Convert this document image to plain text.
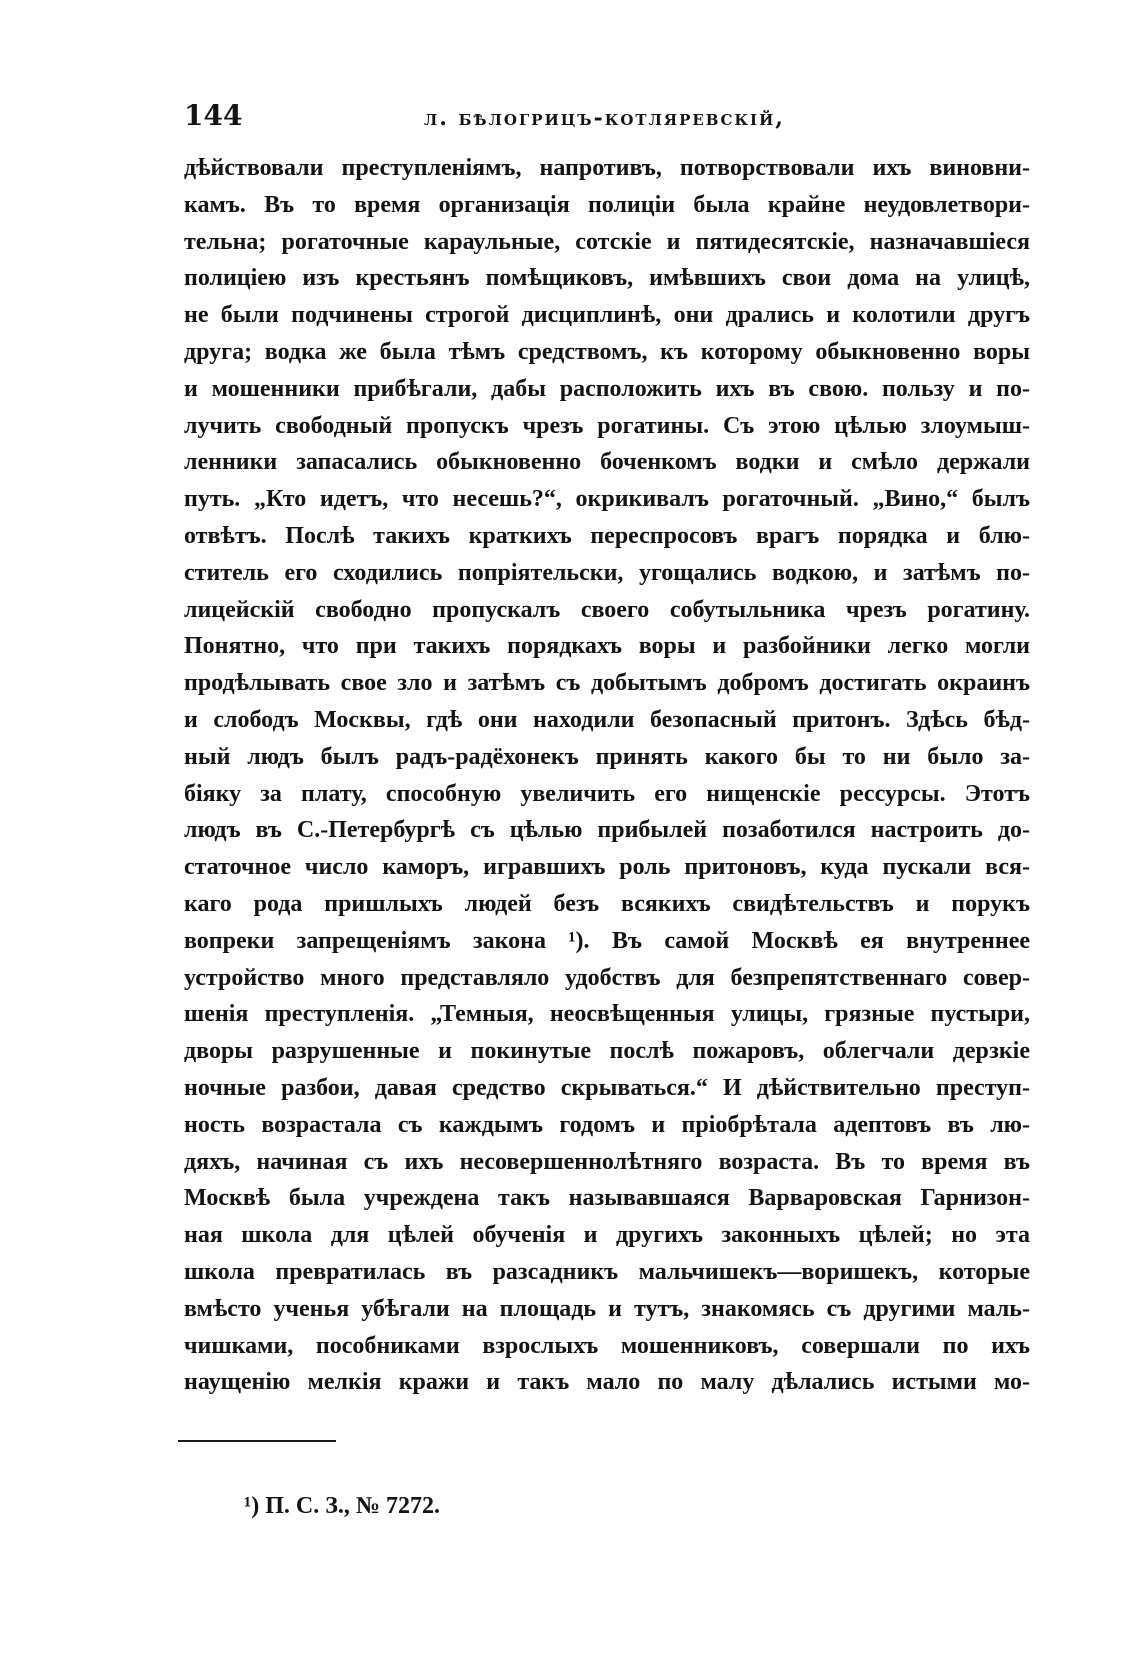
144	л. бѣлогрицъ-котляревскій,
дѣйствовали преступленіямъ, напротивъ, потворствовали ихъ виновни-
камъ. Въ то время организація полиціи была крайне неудовлетвори-
тельна; рогаточные караульные, сотскіе и пятидесятскіе, назначавшіеся
полиціею изъ крестьянъ помѣщиковъ, имѣвшихъ свои дома на улицѣ,
не были подчинены строгой дисциплинѣ, они дрались и колотили другъ
друга; водка же была тѣмъ средствомъ, къ которому обыкновенно воры
и мошенники прибѣгали, дабы расположить ихъ въ свою. пользу и по-
лучить свободный пропускъ чрезъ рогатины. Съ этою цѣлью злоумыш-
ленники запасались обыкновенно боченкомъ водки и смѣло держали
путь. „Кто идетъ, что несешь?“, окрикивалъ рогаточный. „Вино,“ былъ
отвѣтъ. Послѣ такихъ краткихъ переспросовъ врагъ порядка и блю-
ститель его сходились попріятельски, угощались водкою, и затѣмъ по-
лицейскій свободно пропускалъ своего собутыльника чрезъ рогатину.
Понятно, что при такихъ порядкахъ воры и разбойники легко могли
продѣлывать свое зло и затѣмъ съ добытымъ добромъ достигать окраинъ
и слободъ Москвы, гдѣ они находили безопасный притонъ. Здѣсь бѣд-
ный людъ былъ радъ-радёхонекъ принять какого бы то ни было за-
біяку за плату, способную увеличить его нищенскіе рессурсы. Этотъ
людъ въ С.-Петербургѣ съ цѣлью прибылей позаботился настроить до-
статочное число каморъ, игравшихъ роль притоновъ, куда пускали вся-
каго рода пришлыхъ людей безъ всякихъ свидѣтельствъ и порукъ
вопреки запрещеніямъ закона ¹). Въ самой Москвѣ ея внутреннее
устройство много представляло удобствъ для безпрепятственнаго совер-
шенія преступленія. „Темныя, неосвѣщенныя улицы, грязные пустыри,
дворы разрушенные и покинутые послѣ пожаровъ, облегчали дерзкіе
ночные разбои, давая средство скрываться.“ И дѣйствительно преступ-
ность возрастала съ каждымъ годомъ и пріобрѣтала адептовъ въ лю-
дяхъ, начиная съ ихъ несовершеннолѣтняго возраста. Въ то время въ
Москвѣ была учреждена такъ называвшаяся Варваровская Гарнизон-
ная школа для цѣлей обученія и другихъ законныхъ цѣлей; но эта
школа превратилась въ разсадникъ мальчишекъ—воришекъ, которые
вмѣсто ученья убѣгали на площадь и тутъ, знакомясь съ другими маль-
чишками, пособниками взрослыхъ мошенниковъ, совершали по ихъ
наущенію мелкія кражи и такъ мало по малу дѣлались истыми мо-
¹) П. С. З., № 7272.
